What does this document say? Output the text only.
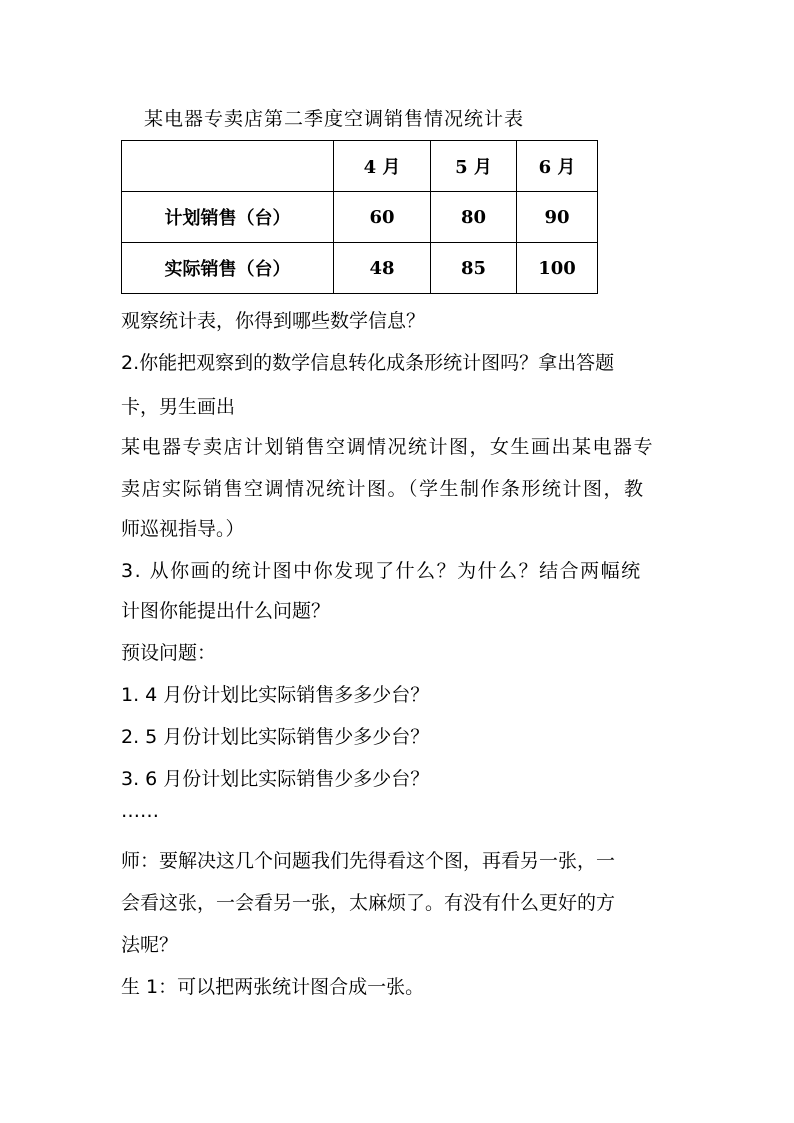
某电器专卖店第二季度空调销售情况统计表
	4 月	5 月	6 月
计划销售（台）	60	80	90
实际销售（台）	48	85	100
观察统计表，你得到哪些数学信息？
2.你能把观察到的数学信息转化成条形统计图吗？拿出答题
卡，男生画出
某电器专卖店计划销售空调情况统计图，女生画出某电器专
卖店实际销售空调情况统计图。（学生制作条形统计图，教
师巡视指导。）
3. 从你画的统计图中你发现了什么？为什么？结合两幅统
计图你能提出什么问题？
预设问题：
1. 4 月份计划比实际销售多多少台？
2. 5 月份计划比实际销售少多少台？
3. 6 月份计划比实际销售少多少台？
……
师：要解决这几个问题我们先得看这个图，再看另一张，一
会看这张，一会看另一张，太麻烦了。有没有什么更好的方
法呢？
生 1：可以把两张统计图合成一张。
